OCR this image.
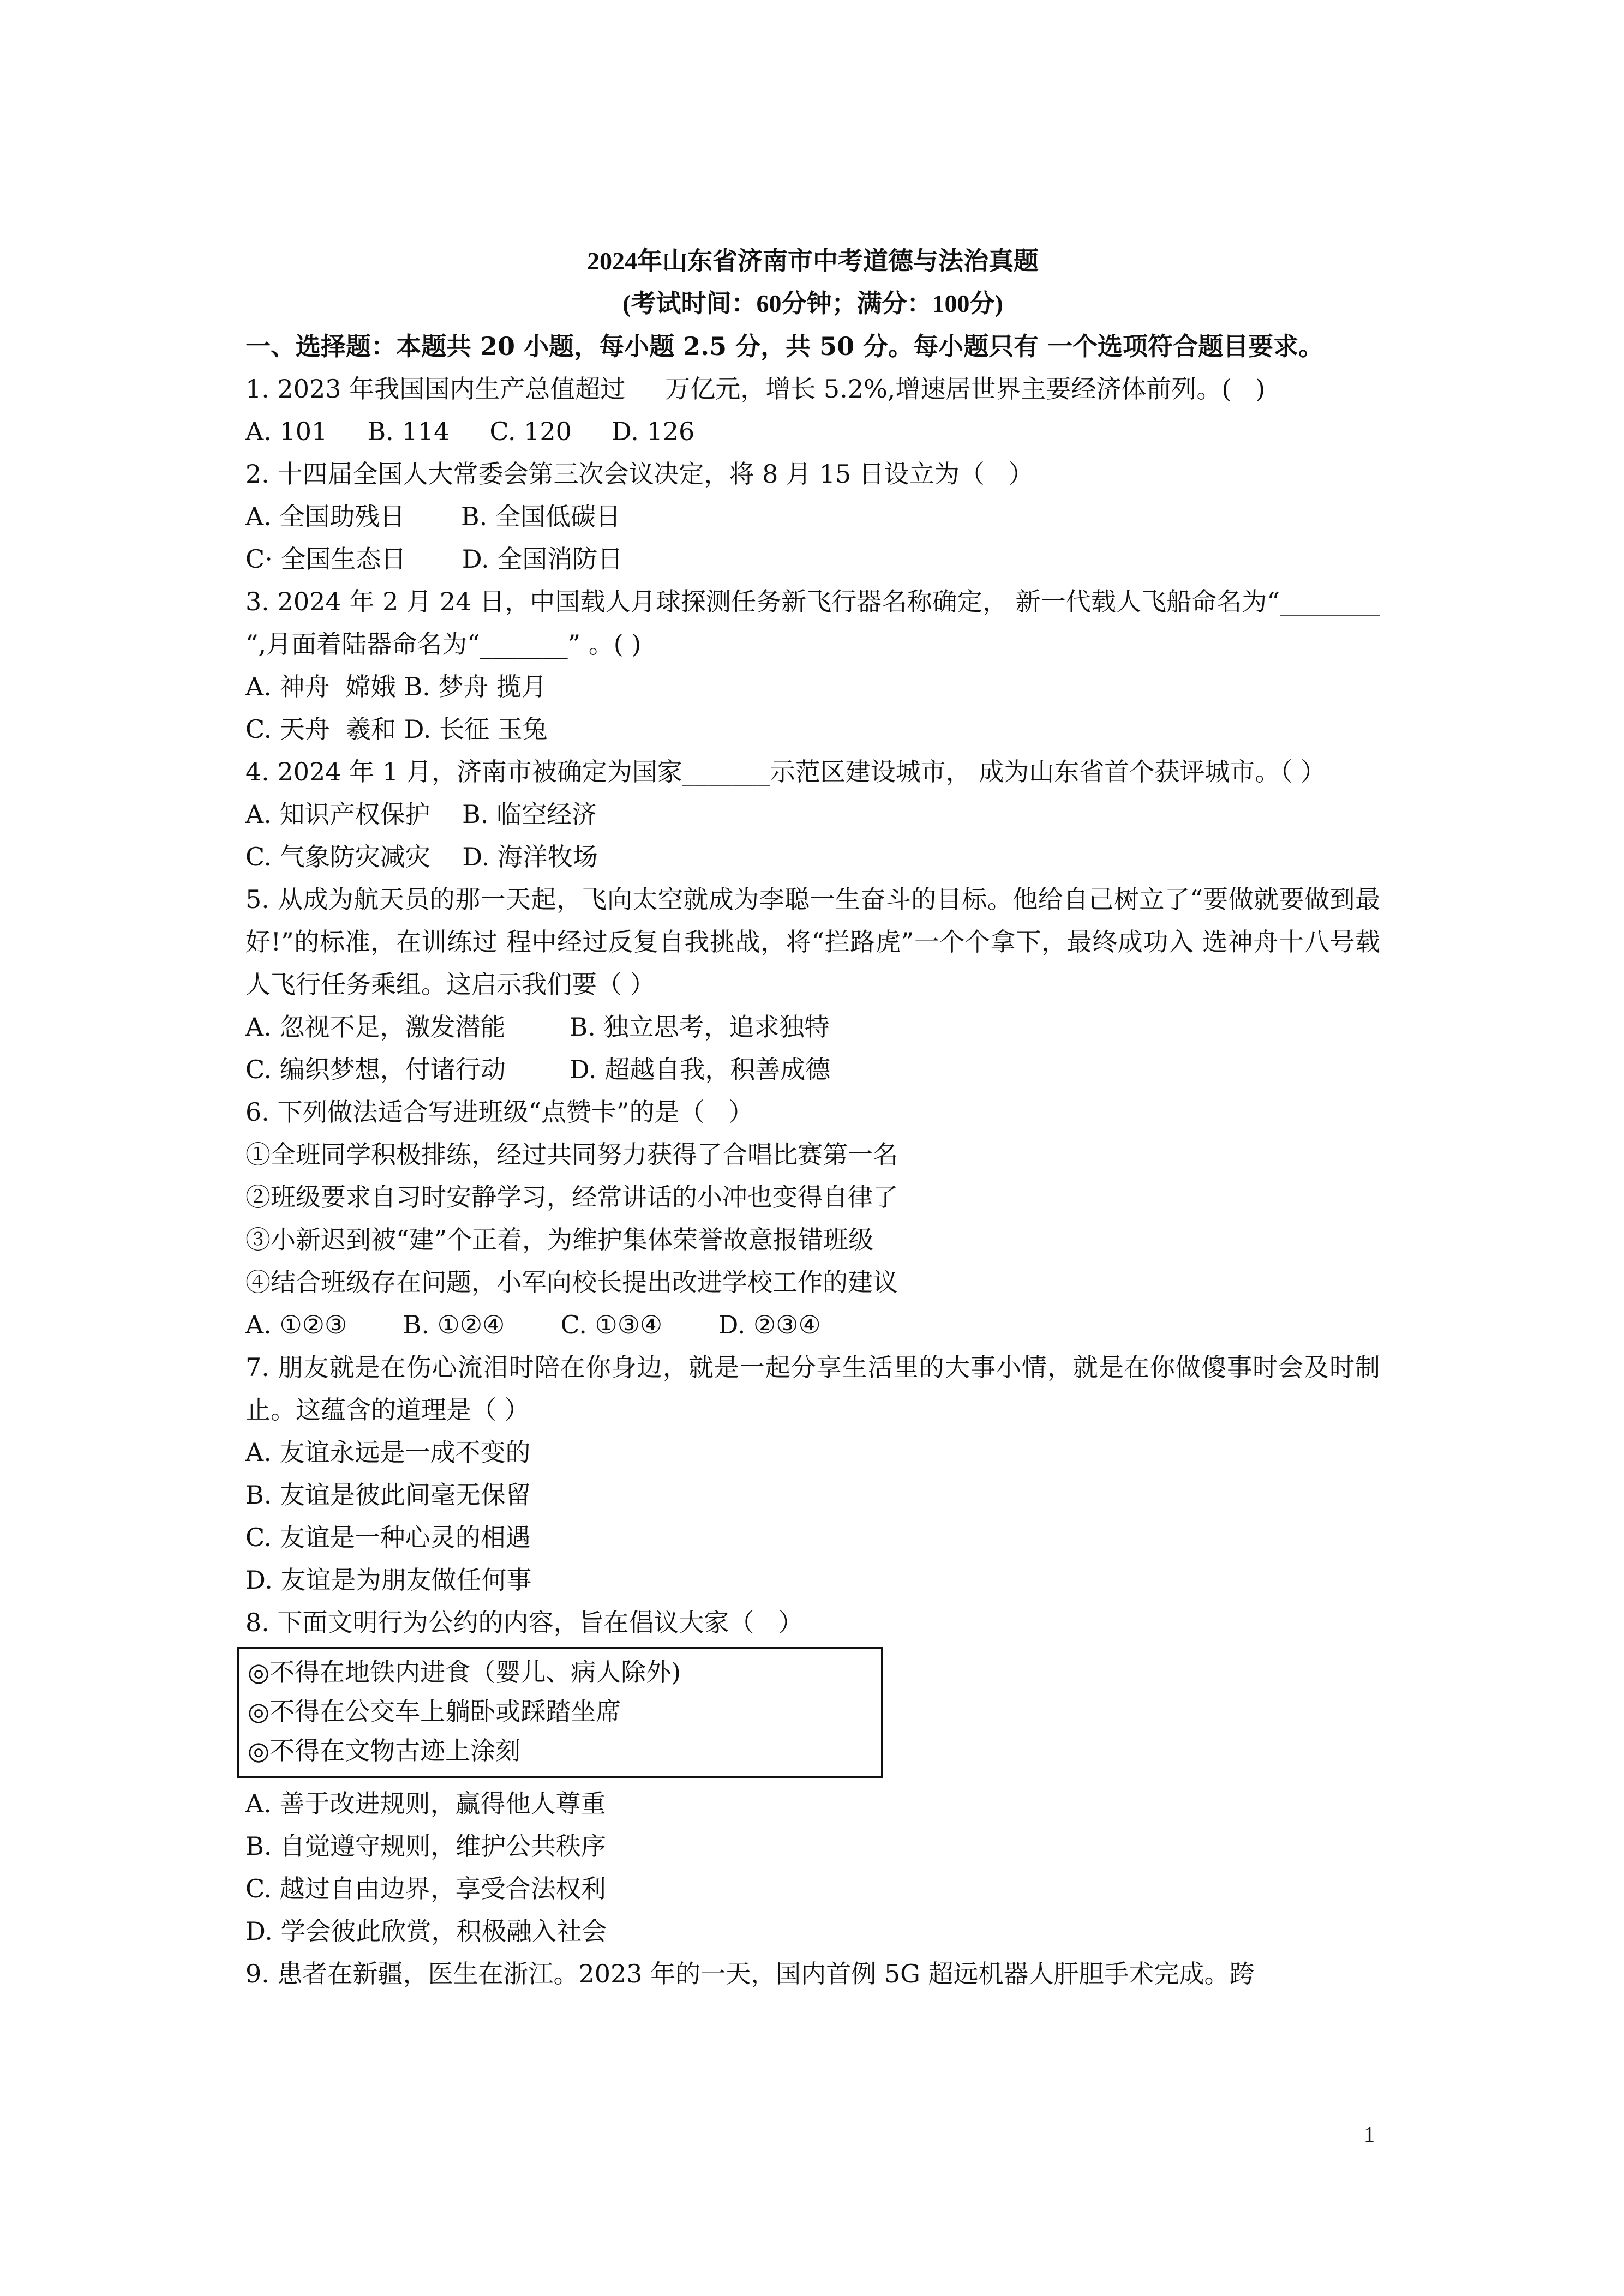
2024年山东省济南市中考道德与法治真题
(考试时间：60分钟；满分：100分)
一、选择题：本题共 20 小题，每小题 2.5 分，共 50 分。每小题只有 一个选项符合题目要求。
1. 2023 年我国国内生产总值超过     万亿元，增长 5.2%,增速居世界主要经济体前列。(   )
A. 101     B. 114     C. 120     D. 126
2. 十四届全国人大常委会第三次会议决定，将 8 月 15 日设立为（   ）
A. 全国助残日       B. 全国低碳日
C· 全国生态日       D. 全国消防日
3. 2024 年 2 月 24 日，中国载人月球探测任务新飞行器名称确定， 新一代载人飞船命名为“________ “,月面着陆器命名为“_______” 。( )
A. 神舟  嫦娥 B. 梦舟 揽月
C. 天舟  羲和 D. 长征 玉兔
4. 2024 年 1 月，济南市被确定为国家_______示范区建设城市， 成为山东省首个获评城市。（ ）
A. 知识产权保护    B. 临空经济
C. 气象防灾减灾    D. 海洋牧场
5. 从成为航天员的那一天起，飞向太空就成为李聪一生奋斗的目标。他给自己树立了“要做就要做到最好!”的标准，在训练过 程中经过反复自我挑战，将“拦路虎”一个个拿下，最终成功入 选神舟十八号载人飞行任务乘组。这启示我们要（ ）
A. 忽视不足，激发潜能        B. 独立思考，追求独特
C. 编织梦想，付诸行动        D. 超越自我，积善成德
6. 下列做法适合写进班级“点赞卡”的是（   ）
①全班同学积极排练，经过共同努力获得了合唱比赛第一名
②班级要求自习时安静学习，经常讲话的小冲也变得自律了
③小新迟到被“建”个正着，为维护集体荣誉故意报错班级
④结合班级存在问题，小军向校长提出改进学校工作的建议
A. ①②③       B. ①②④       C. ①③④       D. ②③④
7. 朋友就是在伤心流泪时陪在你身边，就是一起分享生活里的大事小情，就是在你做傻事时会及时制止。这蕴含的道理是（ ）
A. 友谊永远是一成不变的
B. 友谊是彼此间毫无保留
C. 友谊是一种心灵的相遇
D. 友谊是为朋友做任何事
8. 下面文明行为公约的内容，旨在倡议大家（   ）
◎不得在地铁内进食（婴儿、病人除外)
◎不得在公交车上躺卧或踩踏坐席
◎不得在文物古迹上涂刻
A. 善于改进规则，赢得他人尊重
B. 自觉遵守规则，维护公共秩序
C. 越过自由边界，享受合法权利
D. 学会彼此欣赏，积极融入社会
9. 患者在新疆，医生在浙江。2023 年的一天，国内首例 5G 超远机器人肝胆手术完成。跨
1
